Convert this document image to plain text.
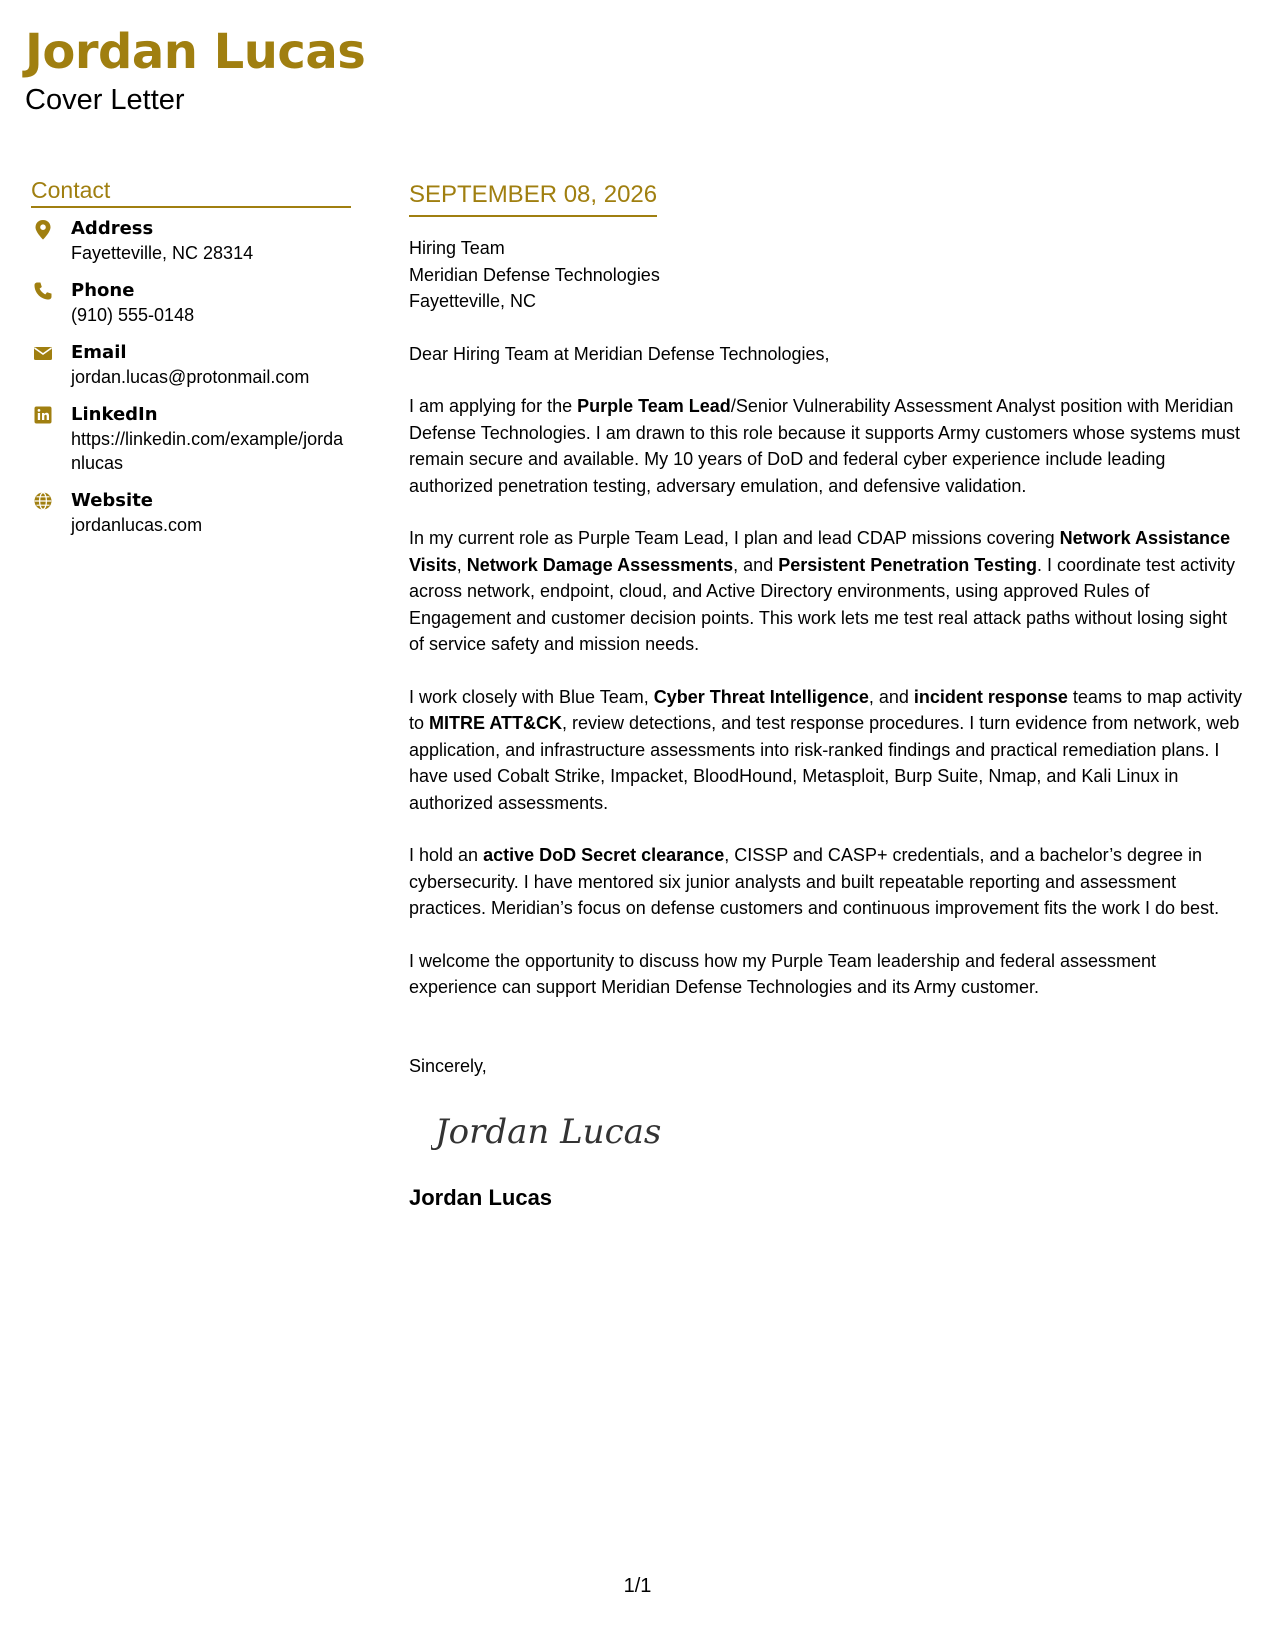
Jordan Lucas
Cover Letter
Contact
Address
Fayetteville, NC 28314
Phone
(910) 555-0148
Email
jordan.lucas@protonmail.com
LinkedIn
https://linkedin.com/example/jordanlucas
Website
jordanlucas.com
SEPTEMBER 08, 2026
Hiring Team
Meridian Defense Technologies
Fayetteville, NC

Dear Hiring Team at Meridian Defense Technologies,

I am applying for the Purple Team Lead/Senior Vulnerability Assessment Analyst position with Meridian Defense Technologies. I am drawn to this role because it supports Army customers whose systems must remain secure and available. My 10 years of DoD and federal cyber experience include leading authorized penetration testing, adversary emulation, and defensive validation.

In my current role as Purple Team Lead, I plan and lead CDAP missions covering Network Assistance Visits, Network Damage Assessments, and Persistent Penetration Testing. I coordinate test activity across network, endpoint, cloud, and Active Directory environments, using approved Rules of Engagement and customer decision points. This work lets me test real attack paths without losing sight of service safety and mission needs.

I work closely with Blue Team, Cyber Threat Intelligence, and incident response teams to map activity to MITRE ATT&CK, review detections, and test response procedures. I turn evidence from network, web application, and infrastructure assessments into risk-ranked findings and practical remediation plans. I have used Cobalt Strike, Impacket, BloodHound, Metasploit, Burp Suite, Nmap, and Kali Linux in authorized assessments.

I hold an active DoD Secret clearance, CISSP and CASP+ credentials, and a bachelor’s degree in cybersecurity. I have mentored six junior analysts and built repeatable reporting and assessment practices. Meridian’s focus on defense customers and continuous improvement fits the work I do best.

I welcome the opportunity to discuss how my Purple Team leadership and federal assessment experience can support Meridian Defense Technologies and its Army customer.

Sincerely,
Jordan Lucas
Jordan Lucas
1/1
